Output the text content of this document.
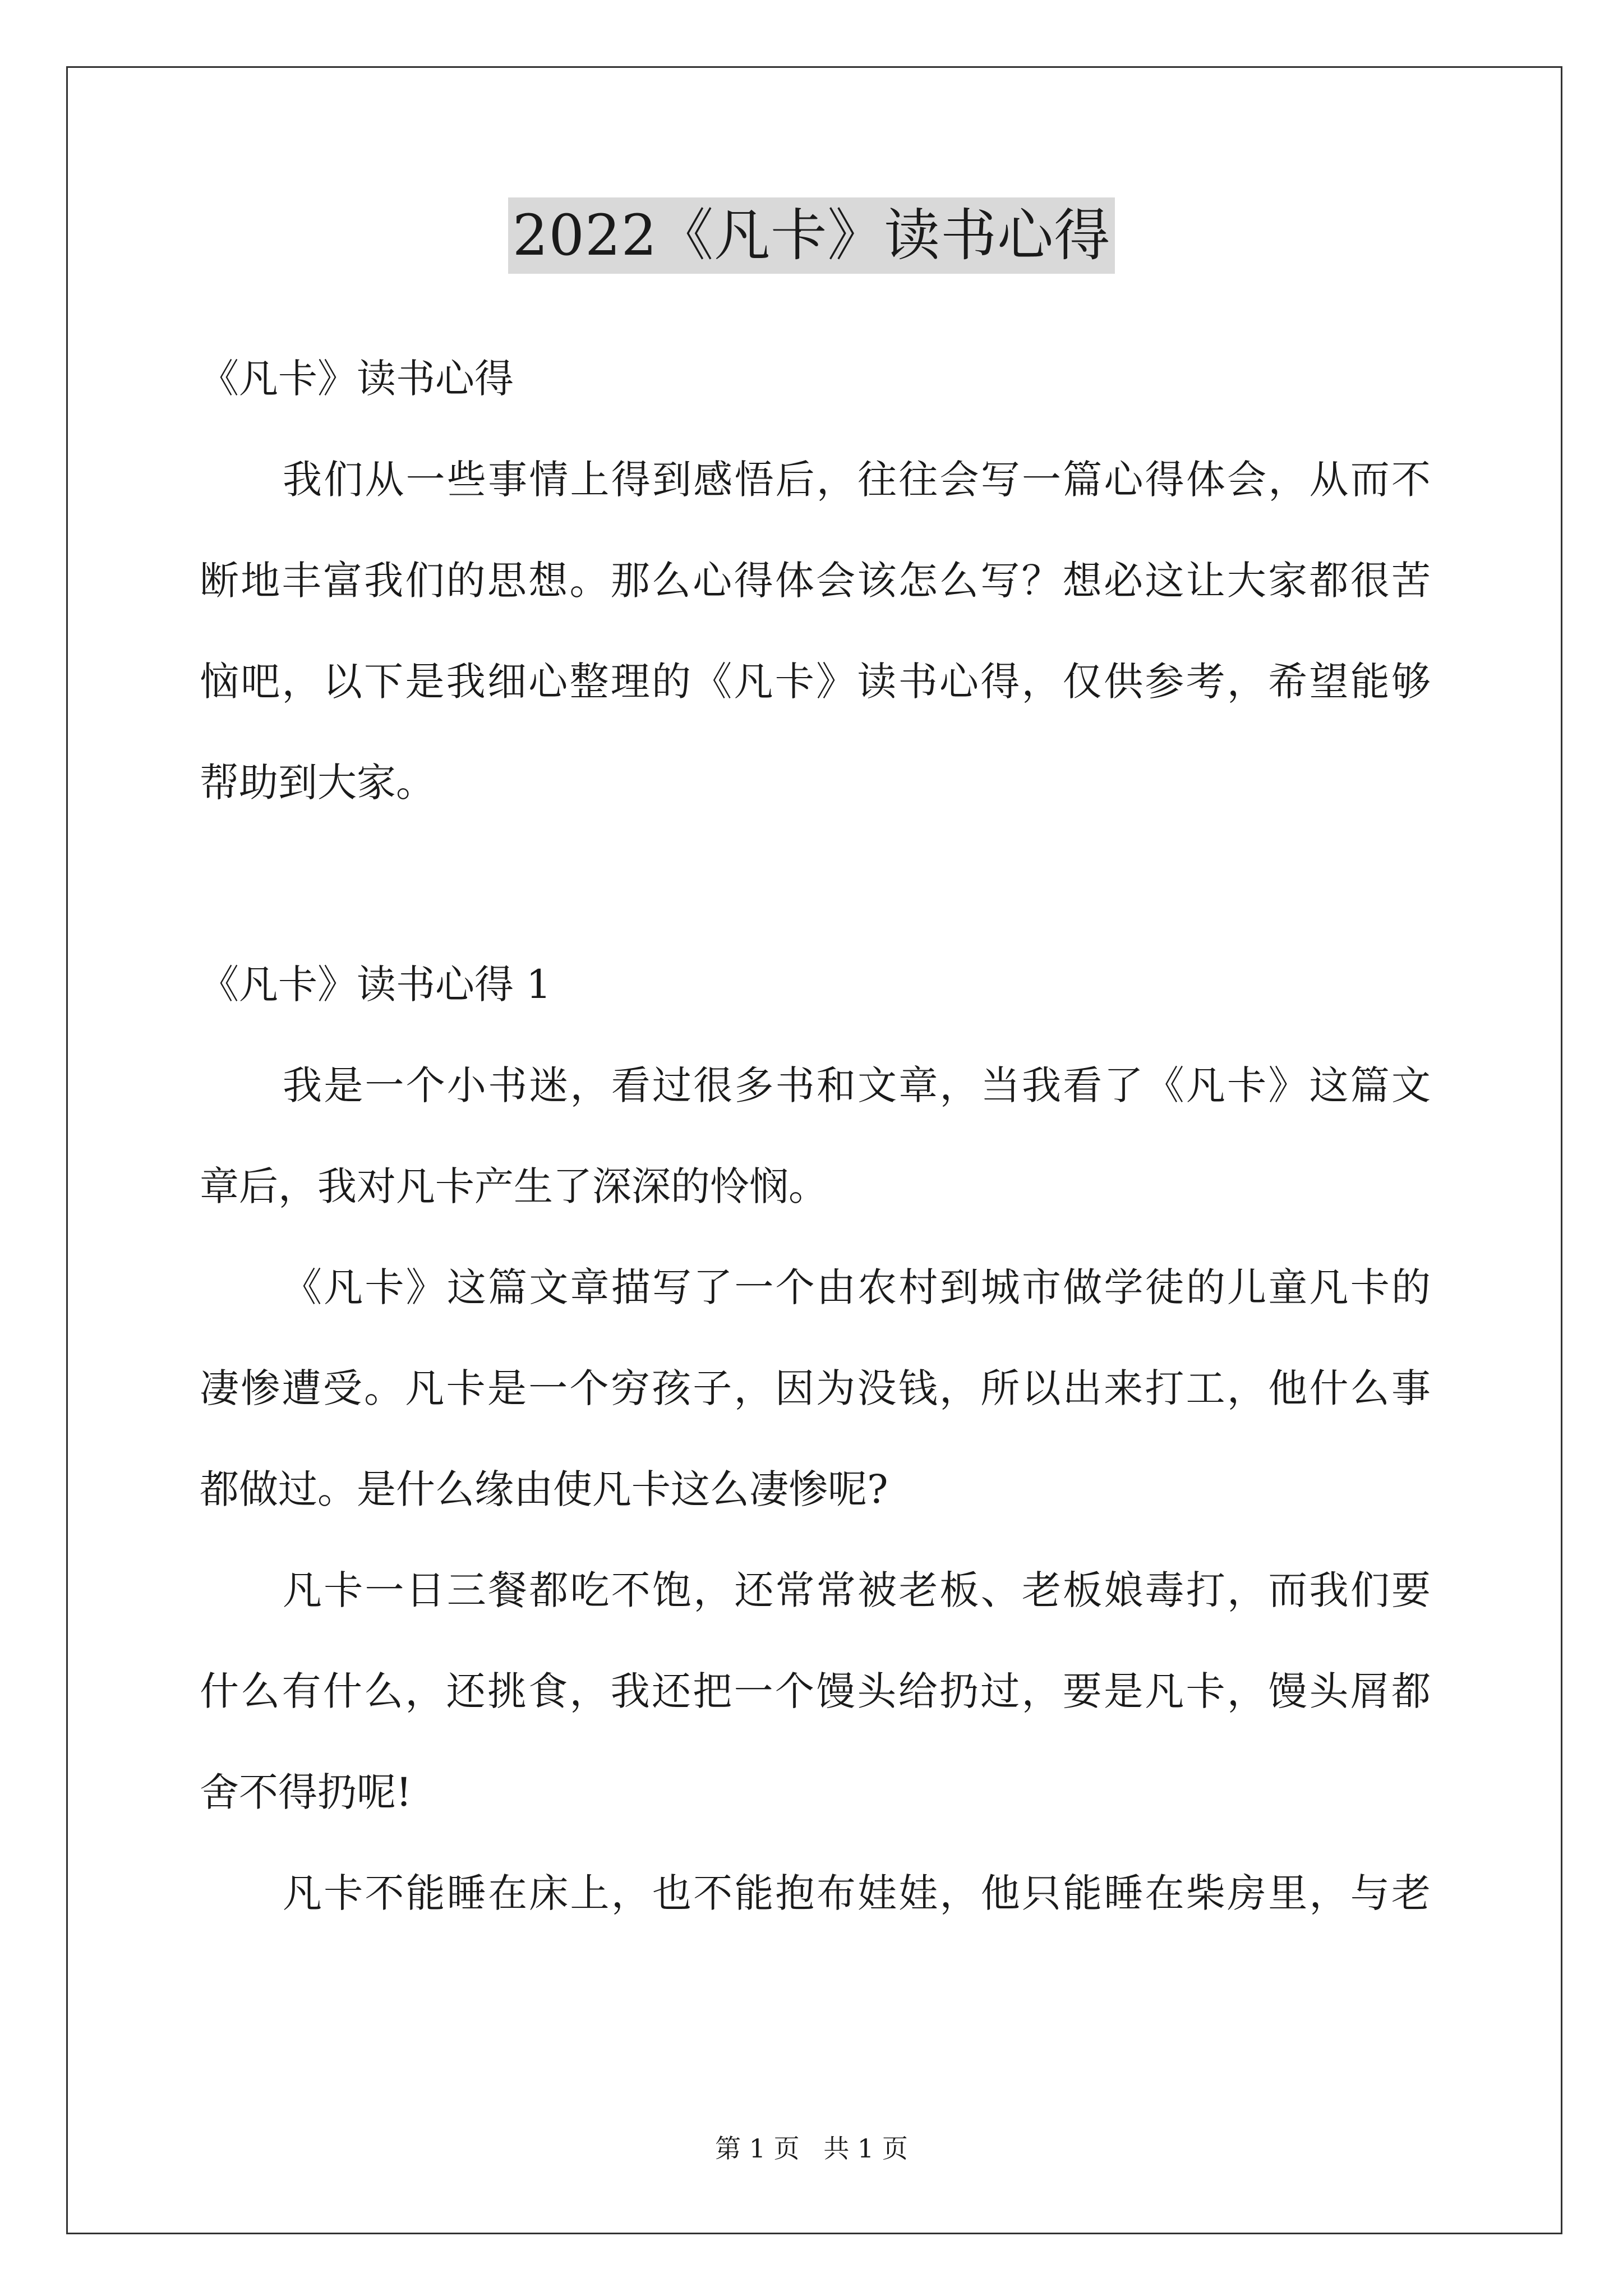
2022《凡卡》读书心得
《凡卡》读书心得
我们从一些事情上得到感悟后，往往会写一篇心得体会，从而不
断地丰富我们的思想。那么心得体会该怎么写？想必这让大家都很苦
恼吧，以下是我细心整理的《凡卡》读书心得，仅供参考，希望能够
帮助到大家。
《凡卡》读书心得 1
我是一个小书迷，看过很多书和文章，当我看了《凡卡》这篇文
章后，我对凡卡产生了深深的怜悯。
《凡卡》这篇文章描写了一个由农村到城市做学徒的儿童凡卡的
凄惨遭受。凡卡是一个穷孩子，因为没钱，所以出来打工，他什么事
都做过。是什么缘由使凡卡这么凄惨呢?
凡卡一日三餐都吃不饱，还常常被老板、老板娘毒打，而我们要
什么有什么，还挑食，我还把一个馒头给扔过，要是凡卡，馒头屑都
舍不得扔呢!
凡卡不能睡在床上，也不能抱布娃娃，他只能睡在柴房里，与老
第 1 页 共 1 页
